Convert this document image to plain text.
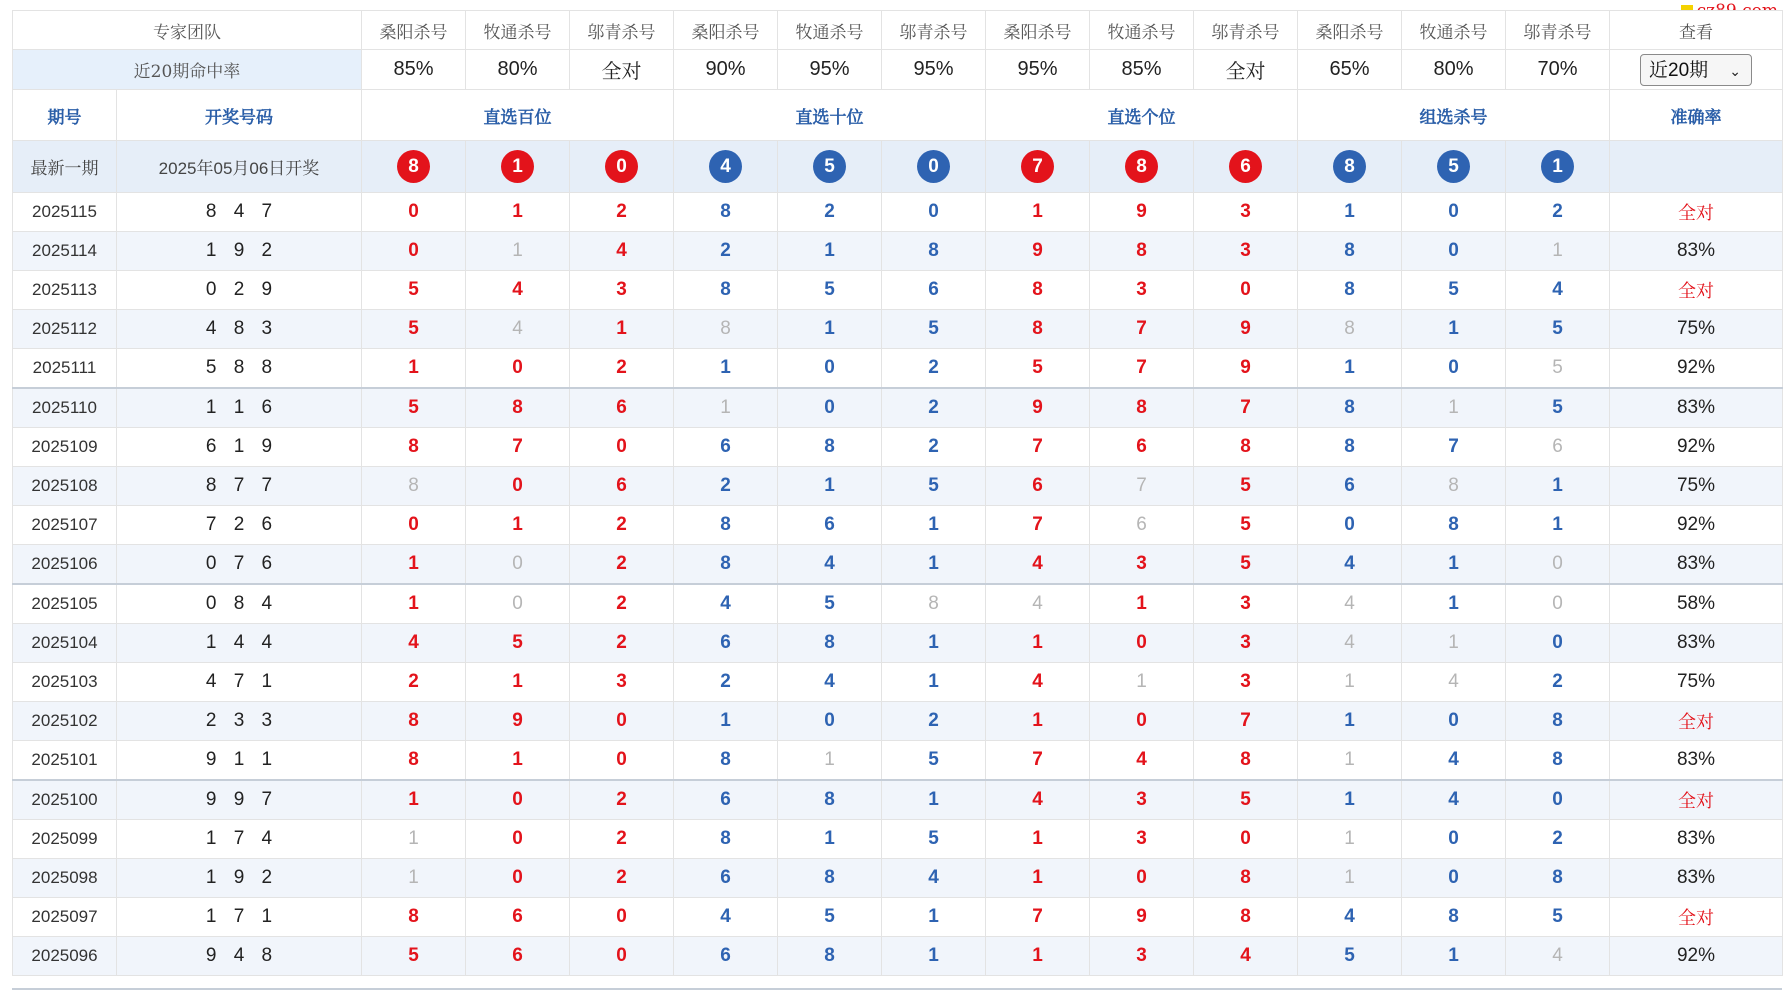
专家团队		桑阳杀号	牧通杀号	邬青杀号	桑阳杀号	牧通杀号	邬青杀号	桑阳杀号	牧通杀号	邬青杀号	桑阳杀号	牧通杀号	邬青杀号	查看
近20期命中率		85%	80%	全对	90%	95%	95%	95%	85%	全对	65%	80%	70%	近20期 ⌄

期号	开奖号码	直选百位			直选十位			直选个位			组选杀号			准确率
最新一期	2025年05月06日开奖	8	1	0	4	5	0	7	8	6	8	5	1	
2025115	8 4 7	0	1	2	8	2	0	1	9	3	1	0	2	全对
2025114	1 9 2	0	1	4	2	1	8	9	8	3	8	0	1	83%
2025113	0 2 9	5	4	3	8	5	6	8	3	0	8	5	4	全对
2025112	4 8 3	5	4	1	8	1	5	8	7	9	8	1	5	75%
2025111	5 8 8	1	0	2	1	0	2	5	7	9	1	0	5	92%
2025110	1 1 6	5	8	6	1	0	2	9	8	7	8	1	5	83%
2025109	6 1 9	8	7	0	6	8	2	7	6	8	8	7	6	92%
2025108	8 7 7	8	0	6	2	1	5	6	7	5	6	8	1	75%
2025107	7 2 6	0	1	2	8	6	1	7	6	5	0	8	1	92%
2025106	0 7 6	1	0	2	8	4	1	4	3	5	4	1	0	83%
2025105	0 8 4	1	0	2	4	5	8	4	1	3	4	1	0	58%
2025104	1 4 4	4	5	2	6	8	1	1	0	3	4	1	0	83%
2025103	4 7 1	2	1	3	2	4	1	4	1	3	1	4	2	75%
2025102	2 3 3	8	9	0	1	0	2	1	0	7	1	0	8	全对
2025101	9 1 1	8	1	0	8	1	5	7	4	8	1	4	8	83%
2025100	9 9 7	1	0	2	6	8	1	4	3	5	1	4	0	全对
2025099	1 7 4	1	0	2	8	1	5	1	3	0	1	0	2	83%
2025098	1 9 2	1	0	2	6	8	4	1	0	8	1	0	8	83%
2025097	1 7 1	8	6	0	4	5	1	7	9	8	4	8	5	全对
2025096	9 4 8	5	6	0	6	8	1	1	3	4	5	1	4	92%
